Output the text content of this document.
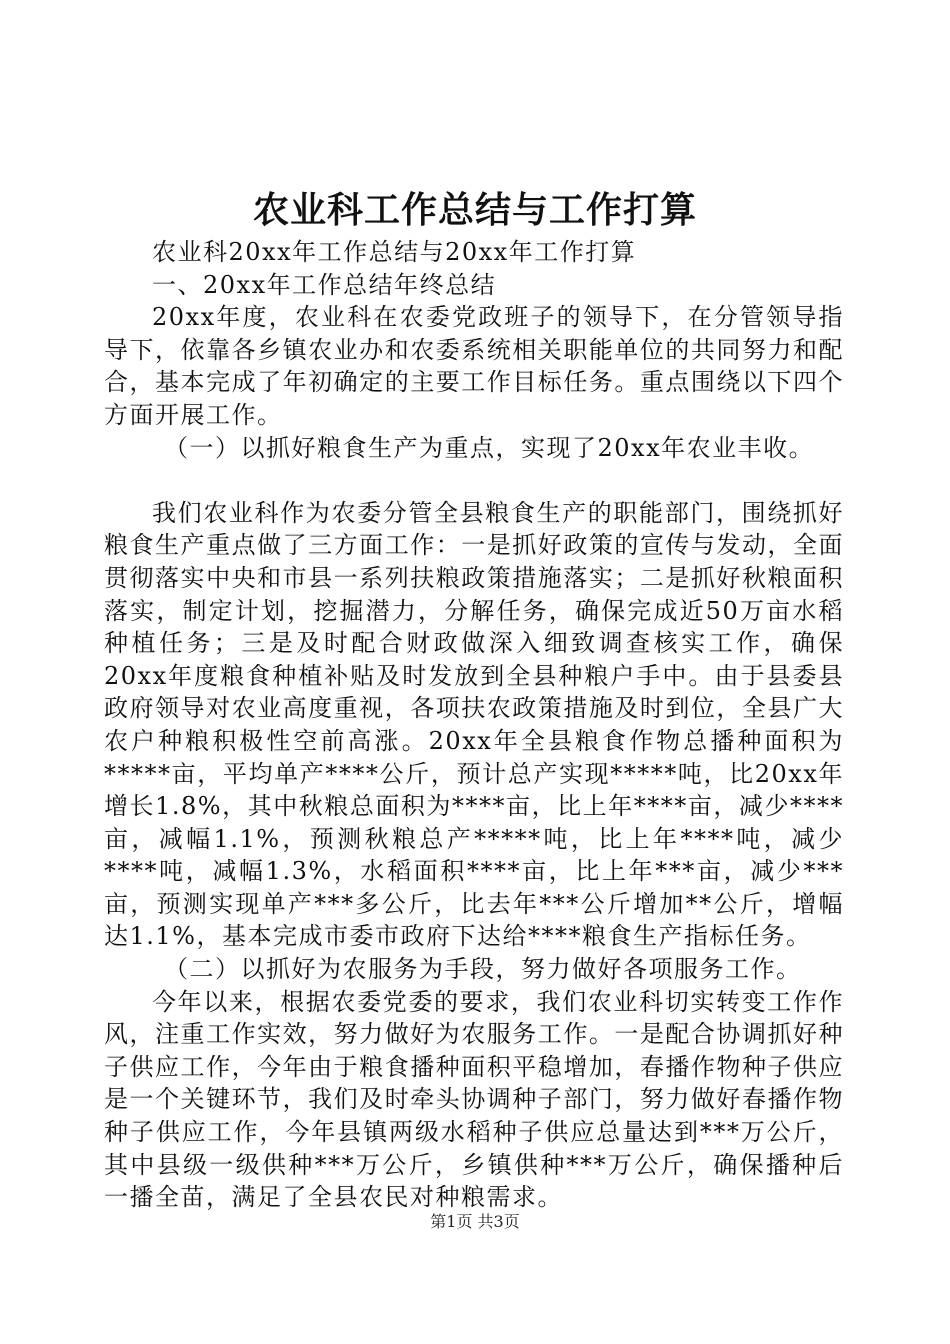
农业科工作总结与工作打算

农业科20xx年工作总结与20xx年工作打算

一、20xx年工作总结年终总结

20xx年度，农业科在农委党政班子的领导下，在分管领导指导下，依靠各乡镇农业办和农委系统相关职能单位的共同努力和配合，基本完成了年初确定的主要工作目标任务。重点围绕以下四个方面开展工作。

（一）以抓好粮食生产为重点，实现了20xx年农业丰收。

我们农业科作为农委分管全县粮食生产的职能部门，围绕抓好粮食生产重点做了三方面工作：一是抓好政策的宣传与发动，全面贯彻落实中央和市县一系列扶粮政策措施落实；二是抓好秋粮面积落实，制定计划，挖掘潜力，分解任务，确保完成近50万亩水稻种植任务；三是及时配合财政做深入细致调查核实工作，确保20xx年度粮食种植补贴及时发放到全县种粮户手中。由于县委县政府领导对农业高度重视，各项扶农政策措施及时到位，全县广大农户种粮积极性空前高涨。20xx年全县粮食作物总播种面积为*****亩，平均单产****公斤，预计总产实现*****吨，比20xx年增长1.8%，其中秋粮总面积为****亩，比上年****亩，减少****亩，减幅1.1%，预测秋粮总产*****吨，比上年****吨，减少****吨，减幅1.3%，水稻面积****亩，比上年***亩，减少***亩，预测实现单产***多公斤，比去年***公斤增加**公斤，增幅达1.1%，基本完成市委市政府下达给****粮食生产指标任务。

（二）以抓好为农服务为手段，努力做好各项服务工作。

今年以来，根据农委党委的要求，我们农业科切实转变工作作风，注重工作实效，努力做好为农服务工作。一是配合协调抓好种子供应工作，今年由于粮食播种面积平稳增加，春播作物种子供应是一个关键环节，我们及时牵头协调种子部门，努力做好春播作物种子供应工作，今年县镇两级水稻种子供应总量达到***万公斤，其中县级一级供种***万公斤，乡镇供种***万公斤，确保播种后一播全苗，满足了全县农民对种粮需求。

第1页 共3页
